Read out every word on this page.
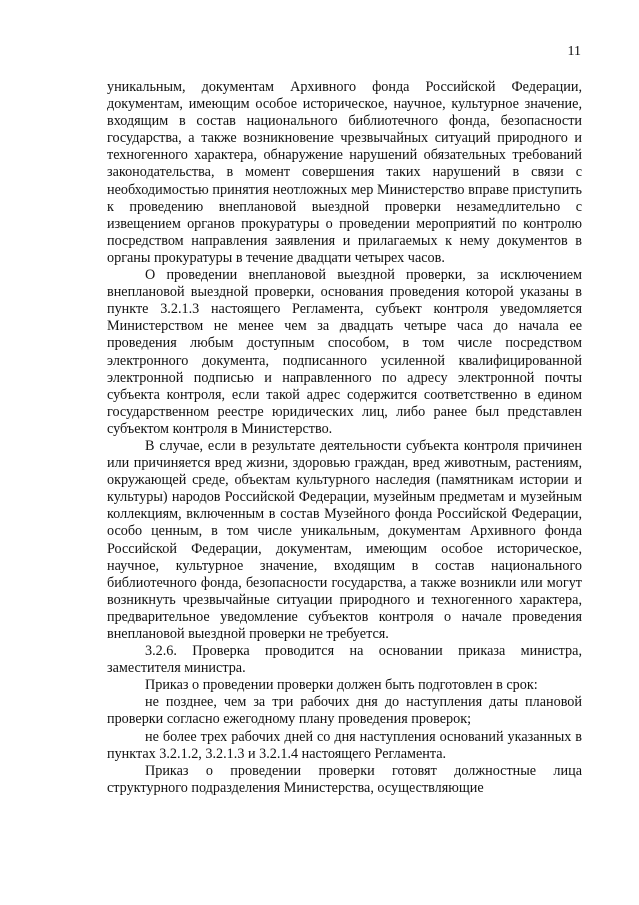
11

уникальным, документам Архивного фонда Российской Федерации, документам, имеющим особое историческое, научное, культурное значение, входящим в состав национального библиотечного фонда, безопасности государства, а также возникновение чрезвычайных ситуаций природного и техногенного характера, обнаружение нарушений обязательных требований законодательства, в момент совершения таких нарушений в связи с необходимостью принятия неотложных мер Министерство вправе приступить к проведению внеплановой выездной проверки незамедлительно с извещением органов прокуратуры о проведении мероприятий по контролю посредством направления заявления и прилагаемых к нему документов в органы прокуратуры в течение двадцати четырех часов.

О проведении внеплановой выездной проверки, за исключением внеплановой выездной проверки, основания проведения которой указаны в пункте 3.2.1.3 настоящего Регламента, субъект контроля уведомляется Министерством не менее чем за двадцать четыре часа до начала ее проведения любым доступным способом, в том числе посредством электронного документа, подписанного усиленной квалифицированной электронной подписью и направленного по адресу электронной почты субъекта контроля, если такой адрес содержится соответственно в едином государственном реестре юридических лиц, либо ранее был представлен субъектом контроля в Министерство.

В случае, если в результате деятельности субъекта контроля причинен или причиняется вред жизни, здоровью граждан, вред животным, растениям, окружающей среде, объектам культурного наследия (памятникам истории и культуры) народов Российской Федерации, музейным предметам и музейным коллекциям, включенным в состав Музейного фонда Российской Федерации, особо ценным, в том числе уникальным, документам Архивного фонда Российской Федерации, документам, имеющим особое историческое, научное, культурное значение, входящим в состав национального библиотечного фонда, безопасности государства, а также возникли или могут возникнуть чрезвычайные ситуации природного и техногенного характера, предварительное уведомление субъектов контроля о начале проведения внеплановой выездной проверки не требуется.

3.2.6. Проверка проводится на основании приказа министра, заместителя министра.

Приказ о проведении проверки должен быть подготовлен в срок:

не позднее, чем за три рабочих дня до наступления даты плановой проверки согласно ежегодному плану проведения проверок;

не более трех рабочих дней со дня наступления оснований указанных в пунктах 3.2.1.2, 3.2.1.3 и 3.2.1.4 настоящего Регламента.

Приказ о проведении проверки готовят должностные лица структурного подразделения Министерства, осуществляющие
